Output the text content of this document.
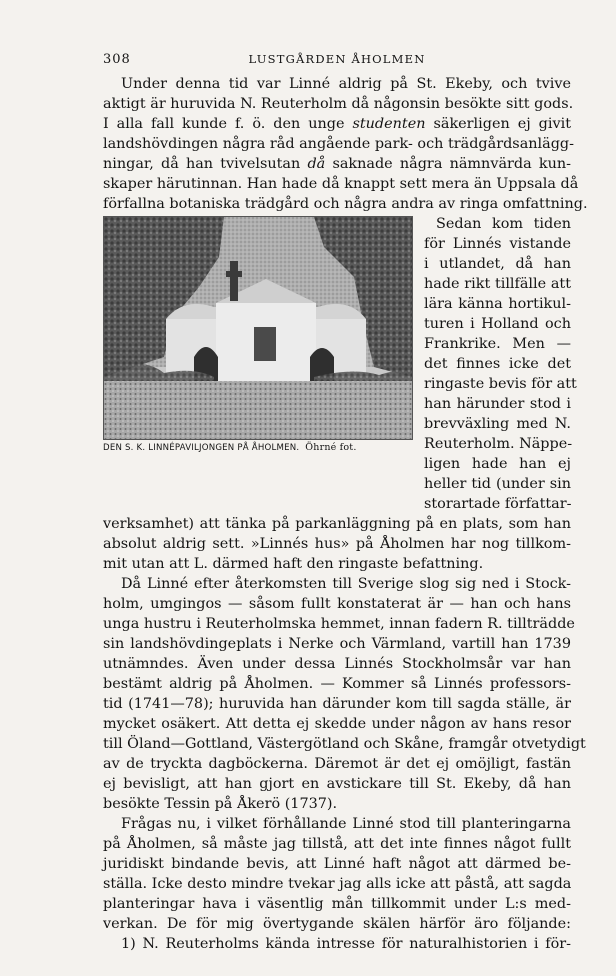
308	LUSTGÅRDEN ÅHOLMEN
DEN S. K. LINNÉPAVILJONGEN PÅ ÅHOLMEN. Öhrné fot.
Under denna tid var Linné aldrig på St. Ekeby, och tvive
aktigt är huruvida N. Reuterholm då någonsin besökte sitt gods.
I alla fall kunde f. ö. den unge studenten säkerligen ej givit
landshövdingen några råd angående park- och trädgårdsanlägg-
ningar, då han tvivelsutan då saknade några nämnvärda kun-
skaper härutinnan. Han hade då knappt sett mera än Uppsala då
förfallna botaniska trädgård och några andra av ringa omfattning.
Sedan kom tiden
för Linnés vistande
i utlandet, då han
hade rikt tillfälle att
lära känna hortikul-
turen i Holland och
Frankrike. Men —
det finnes icke det
ringaste bevis för att
han härunder stod i
brevväxling med N.
Reuterholm. Näppe-
ligen hade han ej
heller tid (under sin
storartade författar-
verksamhet) att tänka på parkanläggning på en plats, som han
absolut aldrig sett. »Linnés hus» på Åholmen har nog tillkom-
mit utan att L. därmed haft den ringaste befattning.
Då Linné efter återkomsten till Sverige slog sig ned i Stock-
holm, umgingos — såsom fullt konstaterat är — han och hans
unga hustru i Reuterholmska hemmet, innan fadern R. tillträdde
sin landshövdingeplats i Nerke och Värmland, vartill han 1739
utnämndes. Även under dessa Linnés Stockholmsår var han
bestämt aldrig på Åholmen. — Kommer så Linnés professors-
tid (1741—78); huruvida han därunder kom till sagda ställe, är
mycket osäkert. Att detta ej skedde under någon av hans resor
till Öland—Gottland, Västergötland och Skåne, framgår otvetydigt
av de tryckta dagböckerna. Däremot är det ej omöjligt, fastän
ej bevisligt, att han gjort en avstickare till St. Ekeby, då han
besökte Tessin på Åkerö (1737).
Frågas nu, i vilket förhållande Linné stod till planteringarna
på Åholmen, så måste jag tillstå, att det inte finnes något fullt
juridiskt bindande bevis, att Linné haft något att därmed be-
ställa. Icke desto mindre tvekar jag alls icke att påstå, att sagda
planteringar hava i väsentlig mån tillkommit under L:s med-
verkan. De för mig övertygande skälen härför äro följande:
1) N. Reuterholms kända intresse för naturalhistorien i för-
